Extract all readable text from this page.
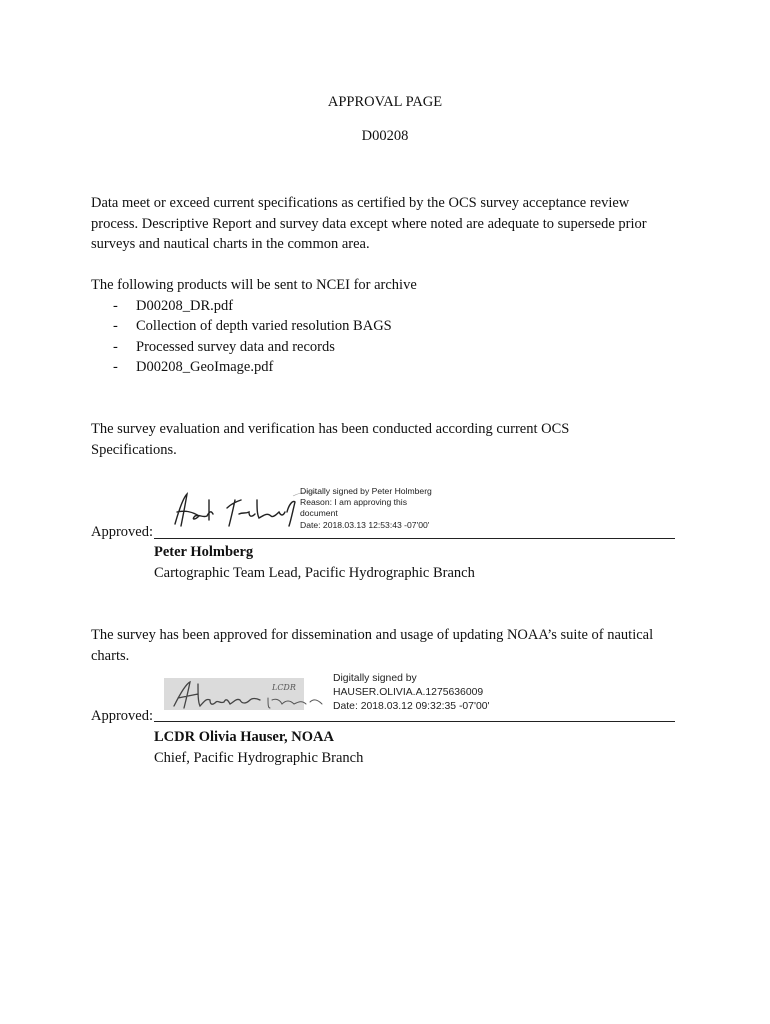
APPROVAL PAGE
D00208
Data meet or exceed current specifications as certified by the OCS survey acceptance review
process. Descriptive Report and survey data except where noted are adequate to supersede prior
surveys and nautical charts in the common area.
The following products will be sent to NCEI for archive
- D00208_DR.pdf
- Collection of depth varied resolution BAGS
- Processed survey data and records
- D00208_GeoImage.pdf
The survey evaluation and verification has been conducted according current OCS
Specifications.
Digitally signed by Peter Holmberg
Reason: I am approving this
document
Date: 2018.03.13 12:53:43 -07'00'
Approved:
Peter Holmberg
Cartographic Team Lead, Pacific Hydrographic Branch
The survey has been approved for dissemination and usage of updating NOAA’s suite of nautical
charts.
LCDR
Digitally signed by
HAUSER.OLIVIA.A.1275636009
Date: 2018.03.12 09:32:35 -07'00'
Approved:
LCDR Olivia Hauser, NOAA
Chief, Pacific Hydrographic Branch
